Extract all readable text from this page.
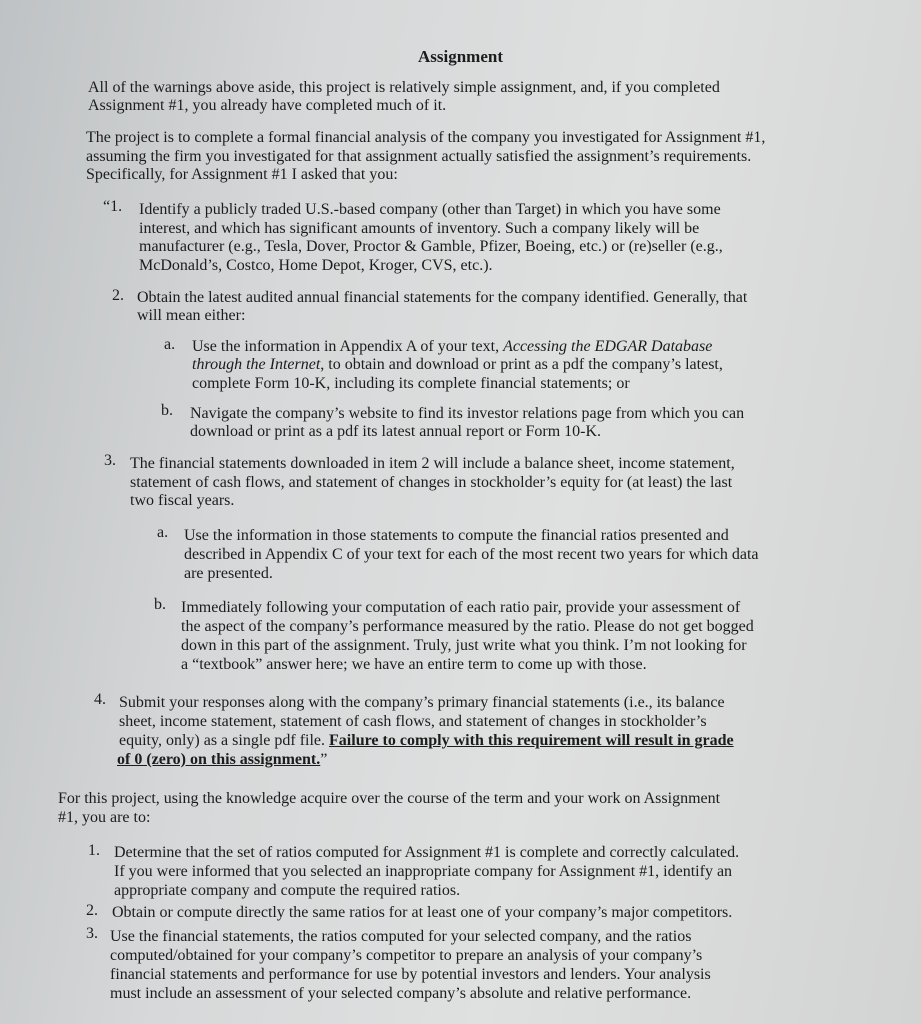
Assignment

All of the warnings above aside, this project is relatively simple assignment, and, if you completed

Assignment #1, you already have completed much of it.

The project is to complete a formal financial analysis of the company you investigated for Assignment #1,

assuming the firm you investigated for that assignment actually satisfied the assignment’s requirements.

Specifically, for Assignment #1 I asked that you:

“1. Identify a publicly traded U.S.-based company (other than Target) in which you have some
interest, and which has significant amounts of inventory. Such a company likely will be
manufacturer (e.g., Tesla, Dover, Proctor & Gamble, Pfizer, Boeing, etc.) or (re)seller (e.g.,
McDonald’s, Costco, Home Depot, Kroger, CVS, etc.).
2. Obtain the latest audited annual financial statements for the company identified. Generally, that
will mean either:
a. Use the information in Appendix A of your text, Accessing the EDGAR Database
through the Internet, to obtain and download or print as a pdf the company’s latest,
complete Form 10-K, including its complete financial statements; or
b. Navigate the company’s website to find its investor relations page from which you can
download or print as a pdf its latest annual report or Form 10-K.
3. The financial statements downloaded in item 2 will include a balance sheet, income statement,
statement of cash flows, and statement of changes in stockholder’s equity for (at least) the last
two fiscal years.
a. Use the information in those statements to compute the financial ratios presented and
described in Appendix C of your text for each of the most recent two years for which data
are presented.
b. Immediately following your computation of each ratio pair, provide your assessment of
the aspect of the company’s performance measured by the ratio. Please do not get bogged
down in this part of the assignment. Truly, just write what you think. I’m not looking for
a “textbook” answer here; we have an entire term to come up with those.
4. Submit your responses along with the company’s primary financial statements (i.e., its balance
sheet, income statement, statement of cash flows, and statement of changes in stockholder’s
equity, only) as a single pdf file. Failure to comply with this requirement will result in grade
of 0 (zero) on this assignment.”

For this project, using the knowledge acquire over the course of the term and your work on Assignment

#1, you are to:

1. Determine that the set of ratios computed for Assignment #1 is complete and correctly calculated.
If you were informed that you selected an inappropriate company for Assignment #1, identify an
appropriate company and compute the required ratios.
2. Obtain or compute directly the same ratios for at least one of your company’s major competitors.
3. Use the financial statements, the ratios computed for your selected company, and the ratios
computed/obtained for your company’s competitor to prepare an analysis of your company’s
financial statements and performance for use by potential investors and lenders. Your analysis
must include an assessment of your selected company’s absolute and relative performance.
